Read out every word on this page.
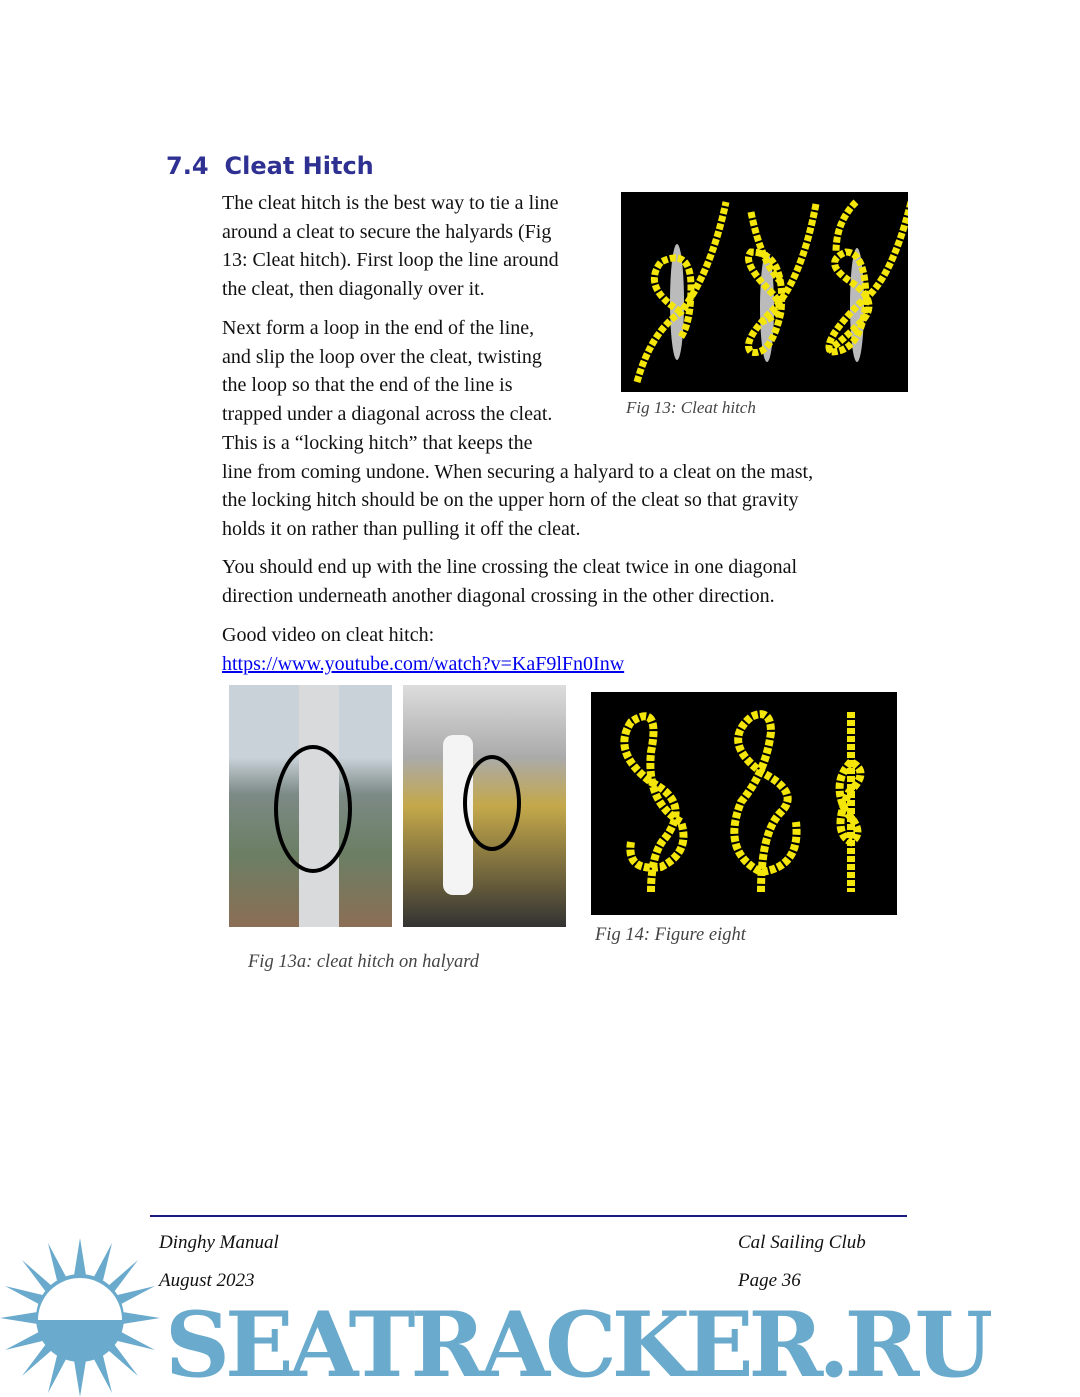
7.4 Cleat Hitch
The cleat hitch is the best way to tie a line
around a cleat to secure the halyards (Fig
13: Cleat hitch). First loop the line around
the cleat, then diagonally over it.
Next form a loop in the end of the line,
and slip the loop over the cleat, twisting
the loop so that the end of the line is
trapped under a diagonal across the cleat.
This is a “locking hitch” that keeps the
line from coming undone. When securing a halyard to a cleat on the mast,
the locking hitch should be on the upper horn of the cleat so that gravity
holds it on rather than pulling it off the cleat.
You should end up with the line crossing the cleat twice in one diagonal
direction underneath another diagonal crossing in the other direction.
Good video on cleat hitch:
https://www.youtube.com/watch?v=KaF9lFn0Inw
Fig 13: Cleat hitch
Fig 13a: cleat hitch on halyard
Fig 14: Figure eight
Dinghy Manual
August 2023
Cal Sailing Club
Page 36
SEATRACKER.RU
